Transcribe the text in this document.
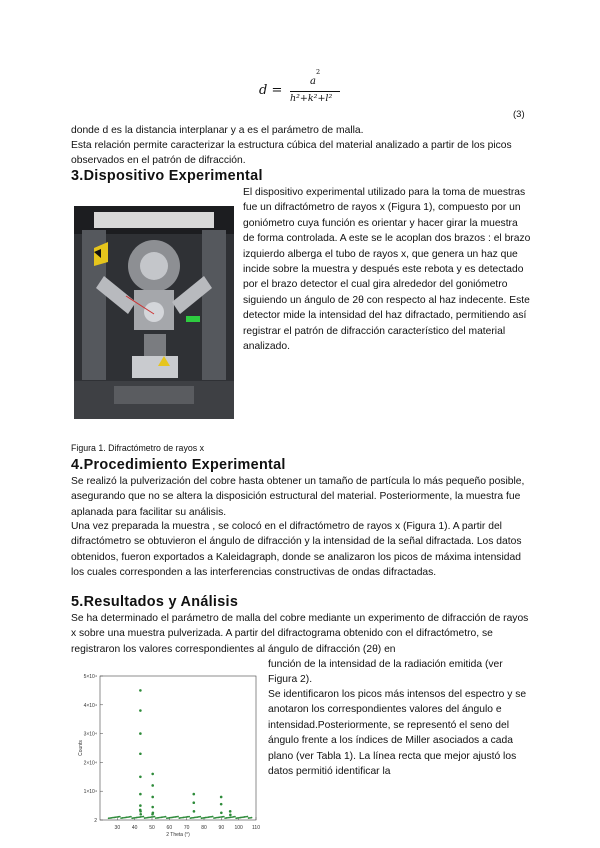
d =
a
2
h²+k²+l²
(3)

donde d es la distancia interplanar y a es el parámetro de malla.

Esta relación permite caracterizar la estructura cúbica del material analizado a partir de los picos observados en el patrón de difracción.

3.Dispositivo Experimental

El dispositivo experimental utilizado para la toma de muestras fue un difractómetro de rayos x (Figura 1), compuesto por un goniómetro cuya función es orientar y hacer girar la muestra de forma controlada. A este se le acoplan dos brazos : el brazo izquierdo alberga el tubo de rayos x, que genera un haz que incide sobre la muestra y después este rebota y es detectado por el brazo detector el cual gira alrededor del goniómetro siguiendo un ángulo de 2θ con respecto al haz indecente. Este detector mide la intensidad del haz difractado, permitiendo así registrar el patrón de difracción característico del material analizado.

Figura 1. Difractómetro de rayos x
4.Procedimiento Experimental

Se realizó la pulverización del cobre hasta obtener un tamaño de partícula lo más pequeño posible, asegurando que no se altera la disposición estructural del material. Posteriormente, la muestra fue aplanada para facilitar su análisis.

Una vez preparada la muestra , se colocó en el difractómetro de rayos x (Figura 1). A partir del difractómetro se obtuvieron el ángulo de difracción y la intensidad de la señal difractada. Los datos obtenidos, fueron exportados a Kaleidagraph, donde se analizaron los picos de máxima intensidad los cuales corresponden a las interferencias constructivas de ondas difractadas.

5.Resultados y Análisis

Se ha determinado el parámetro de malla del cobre mediante un experimento de difracción de rayos x sobre una muestra pulverizada. A partir del difractograma obtenido con el difractómetro, se registraron los valores correspondientes al ángulo de difracción (2θ) en

función de la intensidad de la radiación emitida (ver Figura 2).

Se identificaron los picos más intensos del espectro y se anotaron los correspondientes valores del ángulo e intensidad.Posteriormente, se representó el seno del ángulo frente a los índices de Miller asociados a cada plano (ver Tabla 1). La línea recta que mejor ajustó los datos permitió identificar la

30 40 50 60 70 80 90 100 110
2
1×10⁴
2×10⁴
3×10⁴
4×10⁴
5×10⁴
2 Theta (°)
Counts
